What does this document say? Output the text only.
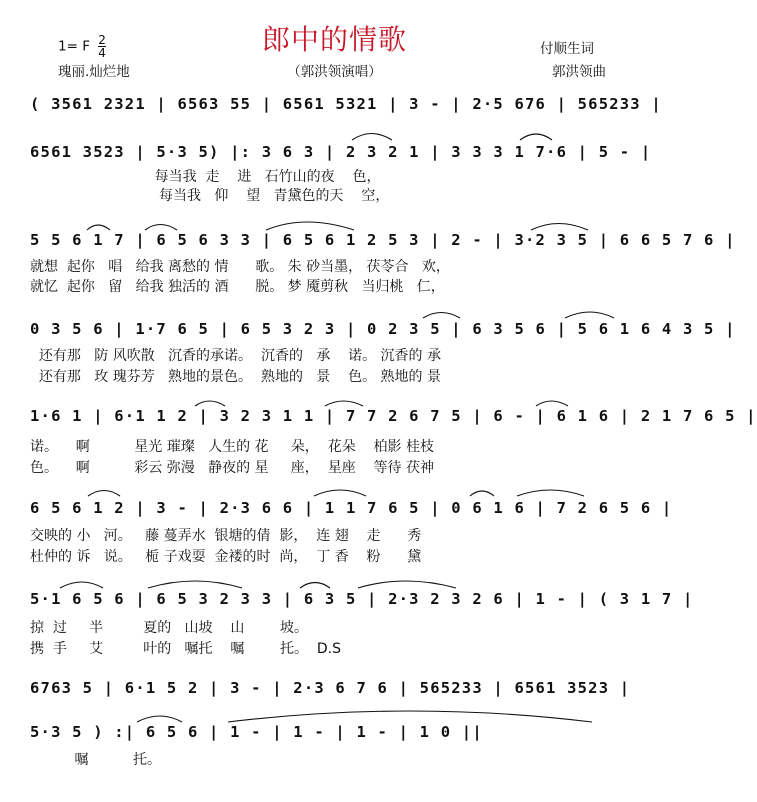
郎中的情歌
1= F $\frac{2}{4}$
瑰丽.灿烂地	（郭洪领演唱）
付顺生词
郭洪领曲
( 3561 2321 | 6563 55 | 6561 5321 | 3 - | 2·5 676 | 565233 |
6561 3523 | 5·3 5) |: 3 6 3 | 2 3 2 1 | 3 3 3 1 7·6 | 5 - |
每当我  走    进   石竹山的夜    色，
每当我   仰    望   青黛色的天    空，
5 5 6 1 7 | 6 5 6 3 3 | 6 5 6 1 2 5 3 | 2 - | 3·2 3 5 | 6 6 5 7 6 |
就想  起你   唱   给我 离愁的 情      歌。 朱 砂当墨， 茯苓合   欢，
就忆  起你   留   给我 独活的 酒      脱。 梦 魇剪秋   当归桃   仁，
0 3 5 6 | 1·7 6 5 | 6 5 3 2 3 | 0 2 3 5 | 6 3 5 6 | 5 6 1 6 4 3 5 |
还有那   防 风吹散   沉香的承诺。  沉香的   承    诺。 沉香的 承
还有那   玫 瑰芬芳   熟地的景色。  熟地的   景    色。 熟地的 景
1·6 1 | 6·1 1 2 | 3 2 3 1 1 | 7 7 2 6 7 5 | 6 - | 6 1 6 | 2 1 7 6 5 |
诺。    啊          星光 璀璨   人生的 花     朵，  花朵    柏影 桂枝
色。    啊          彩云 弥漫   静夜的 星     座，  星座    等待 茯神
6 5 6 1 2 | 3 - | 2·3 6 6 | 1 1 7 6 5 | 0 6 1 6 | 7 2 6 5 6 |
交映的 小   河。   藤 蔓弄水  银塘的倩  影，  连 翅    走      秀
杜仲的 诉   说。   栀 子戏耍  金褛的时  尚，  丁 香    粉      黛
5·1 6 5 6 | 6 5 3 2 3 3 | 6 3 5 | 2·3 2 3 2 6 | 1 - | ( 3 1 7 |
掠  过     半         夏的   山坡    山        坡。
携  手     艾         叶的   嘱托    嘱        托。  D.S
6763 5 | 6·1 5 2 | 3 - | 2·3 6 7 6 | 565233 | 6561 3523 |
5·3 5 ) :| 6 5 6 | 1 - | 1 - | 1 - | 1 0 ||
嘱          托。
